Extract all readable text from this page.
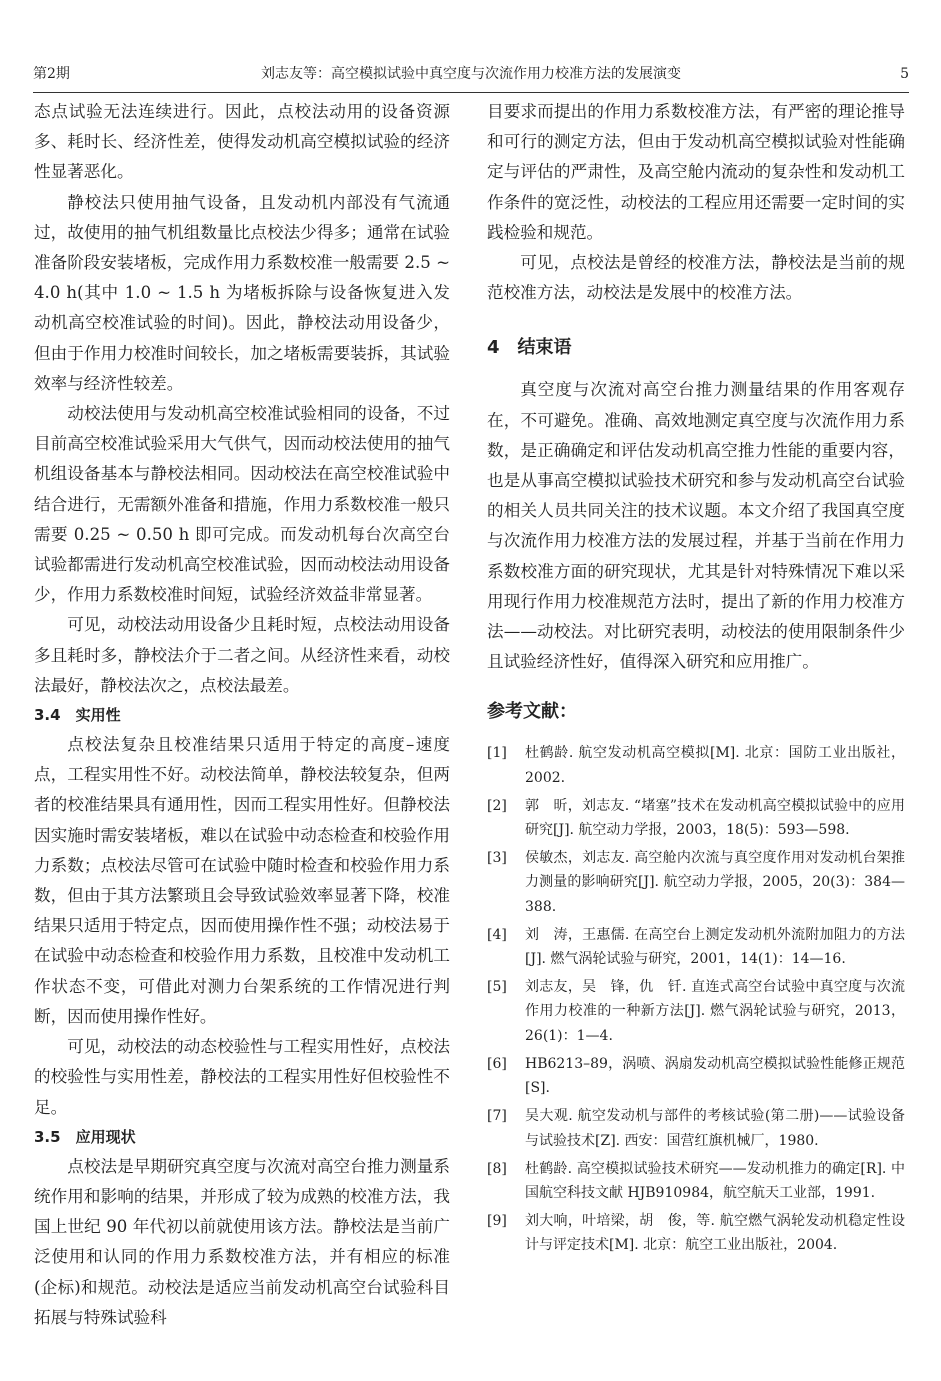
第2期	刘志友等：高空模拟试验中真空度与次流作用力校准方法的发展演变	5

态点试验无法连续进行。因此，点校法动用的设备资源多、耗时长、经济性差，使得发动机高空模拟试验的经济性显著恶化。

静校法只使用抽气设备，且发动机内部没有气流通过，故使用的抽气机组数量比点校法少得多；通常在试验准备阶段安装堵板，完成作用力系数校准一般需要 2.5 ~ 4.0 h(其中 1.0 ~ 1.5 h 为堵板拆除与设备恢复进入发动机高空校准试验的时间)。因此，静校法动用设备少，但由于作用力校准时间较长，加之堵板需要装拆，其试验效率与经济性较差。

动校法使用与发动机高空校准试验相同的设备，不过目前高空校准试验采用大气供气，因而动校法使用的抽气机组设备基本与静校法相同。因动校法在高空校准试验中结合进行，无需额外准备和措施，作用力系数校准一般只需要 0.25 ~ 0.50 h 即可完成。而发动机每台次高空台试验都需进行发动机高空校准试验，因而动校法动用设备少，作用力系数校准时间短，试验经济效益非常显著。

可见，动校法动用设备少且耗时短，点校法动用设备多且耗时多，静校法介于二者之间。从经济性来看，动校法最好，静校法次之，点校法最差。

3.4　实用性

点校法复杂且校准结果只适用于特定的高度–速度点，工程实用性不好。动校法简单，静校法较复杂，但两者的校准结果具有通用性，因而工程实用性好。但静校法因实施时需安装堵板，难以在试验中动态检查和校验作用力系数；点校法尽管可在试验中随时检查和校验作用力系数，但由于其方法繁琐且会导致试验效率显著下降，校准结果只适用于特定点，因而使用操作性不强；动校法易于在试验中动态检查和校验作用力系数，且校准中发动机工作状态不变，可借此对测力台架系统的工作情况进行判断，因而使用操作性好。

可见，动校法的动态校验性与工程实用性好，点校法的校验性与实用性差，静校法的工程实用性好但校验性不足。

3.5　应用现状

点校法是早期研究真空度与次流对高空台推力测量系统作用和影响的结果，并形成了较为成熟的校准方法，我国上世纪 90 年代初以前就使用该方法。静校法是当前广泛使用和认同的作用力系数校准方法，并有相应的标准(企标)和规范。动校法是适应当前发动机高空台试验科目拓展与特殊试验科

目要求而提出的作用力系数校准方法，有严密的理论推导和可行的测定方法，但由于发动机高空模拟试验对性能确定与评估的严肃性，及高空舱内流动的复杂性和发动机工作条件的宽泛性，动校法的工程应用还需要一定时间的实践检验和规范。

可见，点校法是曾经的校准方法，静校法是当前的规范校准方法，动校法是发展中的校准方法。

4　结束语

真空度与次流对高空台推力测量结果的作用客观存在，不可避免。准确、高效地测定真空度与次流作用力系数，是正确确定和评估发动机高空推力性能的重要内容，也是从事高空模拟试验技术研究和参与发动机高空台试验的相关人员共同关注的技术议题。本文介绍了我国真空度与次流作用力校准方法的发展过程，并基于当前在作用力系数校准方面的研究现状，尤其是针对特殊情况下难以采用现行作用力校准规范方法时，提出了新的作用力校准方法——动校法。对比研究表明，动校法的使用限制条件少且试验经济性好，值得深入研究和应用推广。

参考文献：
[1]	杜鹤龄. 航空发动机高空模拟[M]. 北京：国防工业出版社，2002.
[2]	郭　昕，刘志友. “堵塞”技术在发动机高空模拟试验中的应用研究[J]. 航空动力学报，2003，18(5)：593—598.
[3]	侯敏杰，刘志友. 高空舱内次流与真空度作用对发动机台架推力测量的影响研究[J]. 航空动力学报，2005，20(3)：384—388.
[4]	刘　涛，王惠儒. 在高空台上测定发动机外流附加阻力的方法[J]. 燃气涡轮试验与研究，2001，14(1)：14—16.
[5]	刘志友，吴　锋，仇　钎. 直连式高空台试验中真空度与次流作用力校准的一种新方法[J]. 燃气涡轮试验与研究，2013，26(1)：1—4.
[6]	HB6213–89，涡喷、涡扇发动机高空模拟试验性能修正规范[S].
[7]	吴大观. 航空发动机与部件的考核试验(第二册)——试验设备与试验技术[Z]. 西安：国营红旗机械厂，1980.
[8]	杜鹤龄. 高空模拟试验技术研究——发动机推力的确定[R]. 中国航空科技文献 HJB910984，航空航天工业部，1991.
[9]	刘大响，叶培梁，胡　俊，等. 航空燃气涡轮发动机稳定性设计与评定技术[M]. 北京：航空工业出版社，2004.
